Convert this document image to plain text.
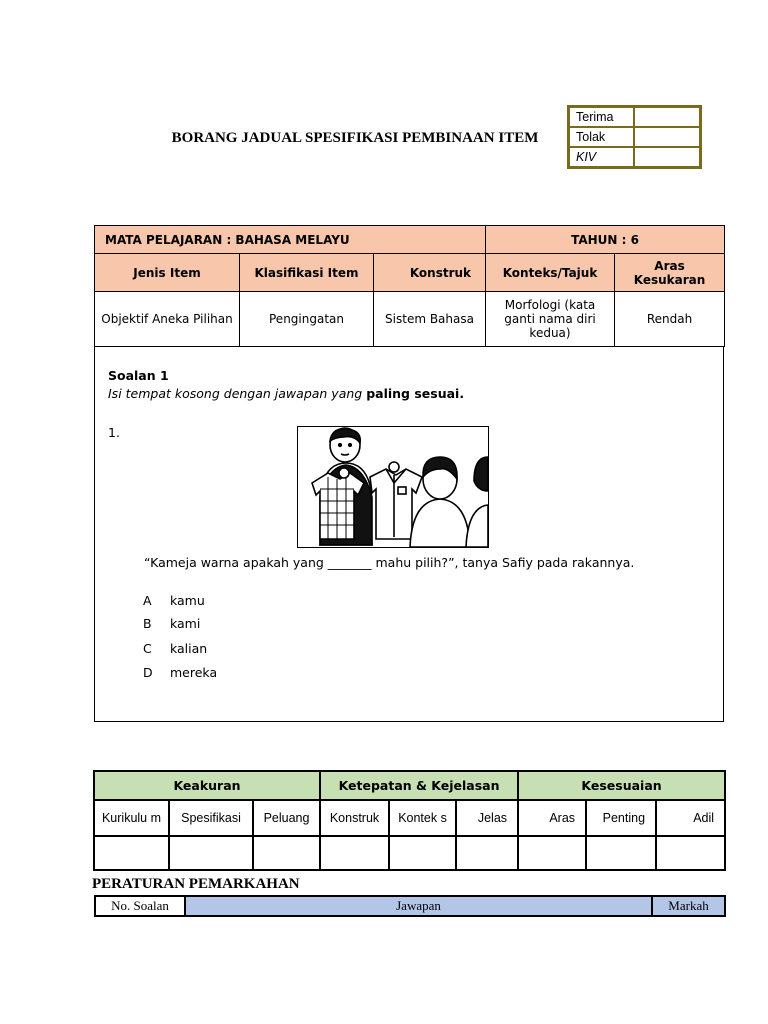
Terima	
Tolak	
KIV	
BORANG JADUAL SPESIFIKASI PEMBINAAN ITEM
MATA PELAJARAN : BAHASA MELAYU			TAHUN : 6	
Jenis Item	Klasifikasi Item	Konstruk	Konteks/Tajuk	Aras Kesukaran
Objektif Aneka Pilihan	Pengingatan	Sistem Bahasa	Morfologi (kata ganti nama diri kedua)	Rendah
Soalan 1
Isi tempat kosong dengan jawapan yang paling sesuai.
1.
“Kameja warna apakah yang _______ mahu pilih?”, tanya Safiy pada rakannya.
A kamu
B kami
C kalian
D mereka
Keakuran			Ketepatan & Kejelasan			Kesesuaian		
Kurikulu m	Spesifikasi	Peluang	Konstruk	Kontek s	Jelas	Aras	Penting	Adil

PERATURAN PEMARKAHAN
No. Soalan	Jawapan	Markah
